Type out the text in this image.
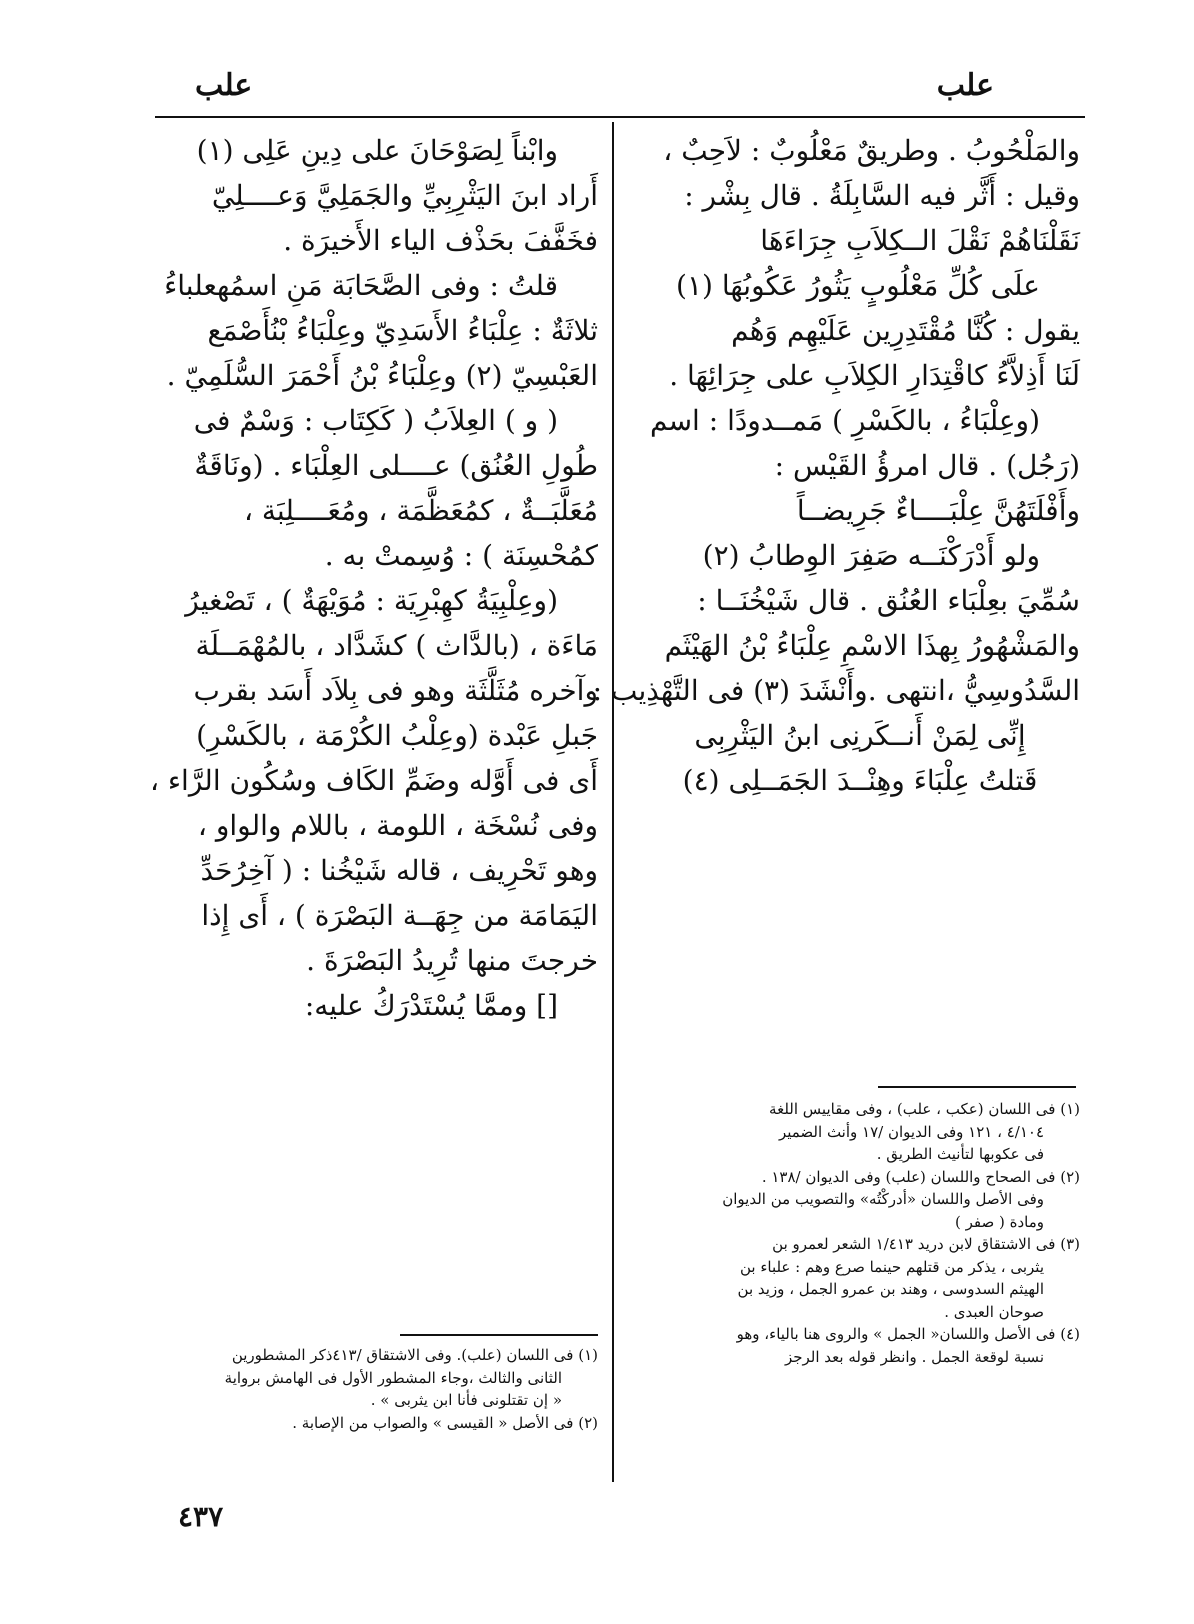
علب
علب
والمَلْحُوبُ . وطريقٌ مَعْلُوبٌ : لاَحِبٌ ،
وقيل : أَثَّر فيه السَّابِلَةُ . قال بِشْر :
نَقَلْنَاهُمْ نَقْلَ الــكِلاَبِ جِرَاءَهَا
علَى كُلِّ مَعْلُوبٍ يَثُورُ عَكُوبُهَا (١)
يقول : كُنَّا مُقْتَدِرِين عَلَيْهِم وَهُم
لَنَا أَذِلاَّءُ كاقْتِدَارِ الكِلاَبِ على جِرَائِهَا .
(وعِلْبَاءُ ، بالكَسْرِ ) مَمــدودًا : اسم
(رَجُل) . قال امرؤُ القَيْس :
وأَفْلَتَهُنَّ عِلْبَــــاءٌ جَرِيضــاً
ولو أَدْرَكْنَــه صَفِرَ الوِطابُ (٢)
سُمِّيَ بعِلْبَاء العُنُق . قال شَيْخُنَــا :
والمَشْهُورُ بِهذَا الاسْمِ عِلْبَاءُ بْنُ الهَيْثَم
السَّدُوسِيُّ ،انتهى .وأَنْشَدَ (٣) فى التَّهْذِيب :
إِنِّى لِمَنْ أَنــكَرنِى ابنُ اليَثْرِبِى
قَتلتُ عِلْبَاءَ وهِنْــدَ الجَمَــلِى (٤)
(١) فى اللسان (عكب ، علب) ، وفى مقاييس اللغة
٤/١٠٤ ، ١٢١ وفى الديوان /١٧ وأنث الضمير
فى عكوبها لتأنيث الطريق .
(٢) فى الصحاح واللسان (علب) وفى الديوان /١٣٨ .
وفى الأصل واللسان «أدركْتُه» والتصويب من الديوان
ومادة ( صفر )
(٣) فى الاشتقاق لابن دريد ١/٤١٣ الشعر لعمرو بن
يثربى ، يذكر من قتلهم حينما صرع وهم : علباء بن
الهيثم السدوسى ، وهند بن عمرو الجمل ، وزيد بن
صوحان العبدى .
(٤) فى الأصل واللسان« الجمل » والروى هنا بالياء، وهو
نسبة لوقعة الجمل . وانظر قوله بعد الرجز
وابْناً لِصَوْحَانَ على دِينِ عَلِى (١)
أَراد ابنَ اليَثْرِبِيِّ والجَمَلِيَّ وَعــــلِيّ
فخَفَّفَ بحَذْف الياء الأَخيرَة .
قلتُ : وفى الصَّحَابَة مَنِ اسمُهعلباءُ
ثلاثَةٌ : عِلْبَاءُ الأَسَدِيّ وعِلْبَاءُ بْنُأَصْمَع
العَبْسِيّ (٢) وعِلْبَاءُ بْنُ أَحْمَرَ السُّلَمِيّ .
( و ) العِلاَبُ ( كَكِتَاب : وَسْمٌ فى
طُولِ العُنُق) عــــلى العِلْبَاء . (ونَاقَةٌ
مُعَلَّبَــةٌ ، كمُعَظَّمَة ، ومُعَــــلِبَة ،
كمُحْسِنَة ) : وُسِمتْ به .
(وعِلْبِيَةُ كهِبْرِيَة : مُوَيْهَةٌ ) ، تَصْغيرُ
مَاءَة ، (بالدَّاث ) كشَدَّاد ، بالمُهْمَــلَة
وآخره مُثَلَّثَة وهو فى بِلاَد أَسَد بقرب
جَبلِ عَبْدة (وعِلْبُ الكُرْمَة ، بالكَسْرِ)
أَى فى أَوَّله وضَمِّ الكَاف وسُكُون الرَّاء ،
وفى نُسْخَة ، اللومة ، باللام والواو ،
وهو تَحْرِيف ، قاله شَيْخُنا : ( آخِرُحَدِّ
اليَمَامَة من جِهَــة البَصْرَة ) ، أَى إِذا
خرجتَ منها تُرِيدُ البَصْرَةَ .
[] وممَّا يُسْتَدْرَكُ عليه:
(١) فى اللسان (علب). وفى الاشتقاق /٤١٣ذكر المشطورين
الثانى والثالث ،وجاء المشطور الأول فى الهامش برواية
« إن تقتلونى فأنا ابن يثربى » .
(٢) فى الأصل « القيسى » والصواب من الإصابة .
٤٣٧
